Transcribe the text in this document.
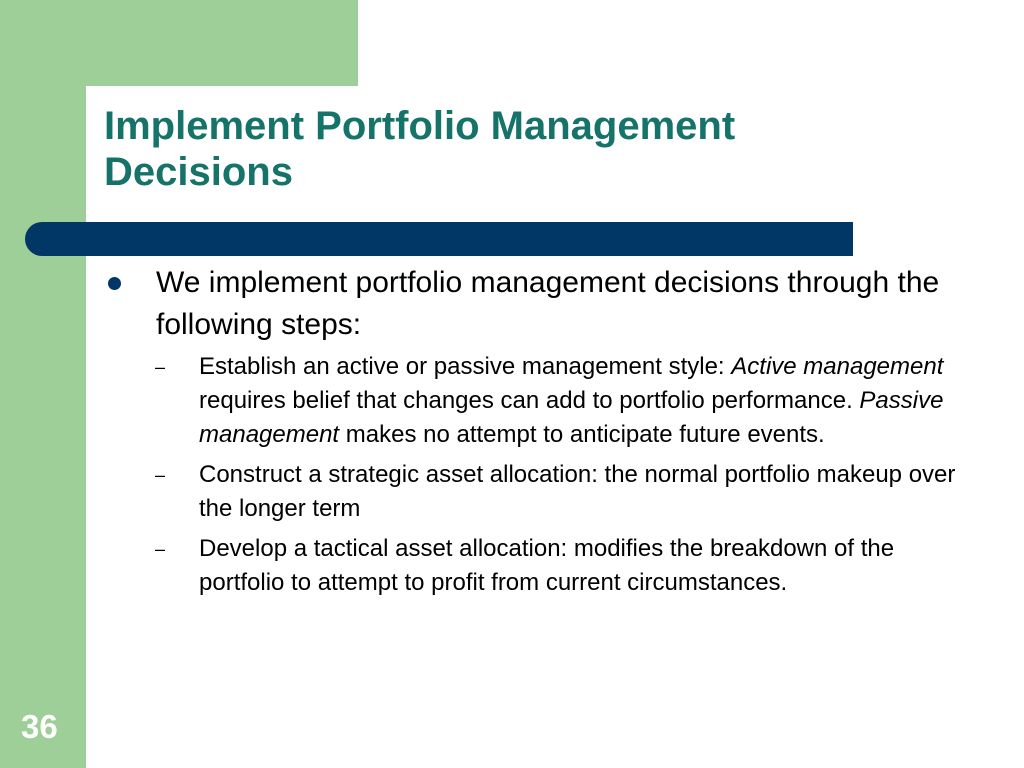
Implement Portfolio Management Decisions
We implement portfolio management decisions through the following steps:
–	Establish an active or passive management style: Active management requires belief that changes can add to portfolio performance. Passive management makes no attempt to anticipate future events.
–	Construct a strategic asset allocation: the normal portfolio makeup over the longer term
–	Develop a tactical asset allocation: modifies the breakdown of the portfolio to attempt to profit from current circumstances.
36
